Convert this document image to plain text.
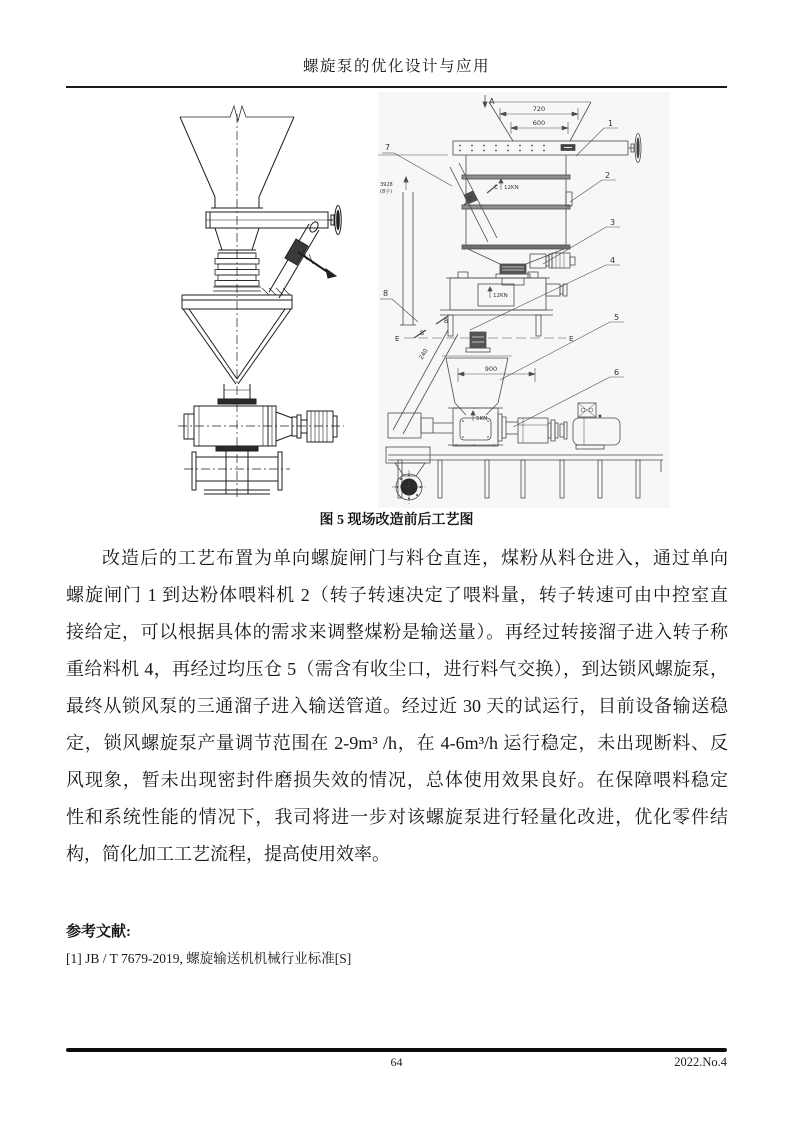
螺旋泵的优化设计与应用
A
720
600	1
12KN
2
C
C
7
3928
(8字)
12KN
3
4
E	E
B
B
240
8
900
5
5KN
6
图 5 现场改造前后工艺图
改造后的工艺布置为单向螺旋闸门与料仓直连，煤粉从料仓进入，通过单向
螺旋闸门 1 到达粉体喂料机 2（转子转速决定了喂料量，转子转速可由中控室直
接给定，可以根据具体的需求来调整煤粉是输送量）。再经过转接溜子进入转子称
重给料机 4，再经过均压仓 5（需含有收尘口，进行料气交换），到达锁风螺旋泵，
最终从锁风泵的三通溜子进入输送管道。经过近 30 天的试运行，目前设备输送稳
定，锁风螺旋泵产量调节范围在 2-9m³ /h，在 4-6m³/h 运行稳定，未出现断料、反
风现象，暂未出现密封件磨损失效的情况，总体使用效果良好。在保障喂料稳定
性和系统性能的情况下，我司将进一步对该螺旋泵进行轻量化改进，优化零件结
构，简化加工工艺流程，提高使用效率。
参考文献:
[1] JB / T 7679-2019, 螺旋输送机机械行业标准[S]
64	2022.No.4
